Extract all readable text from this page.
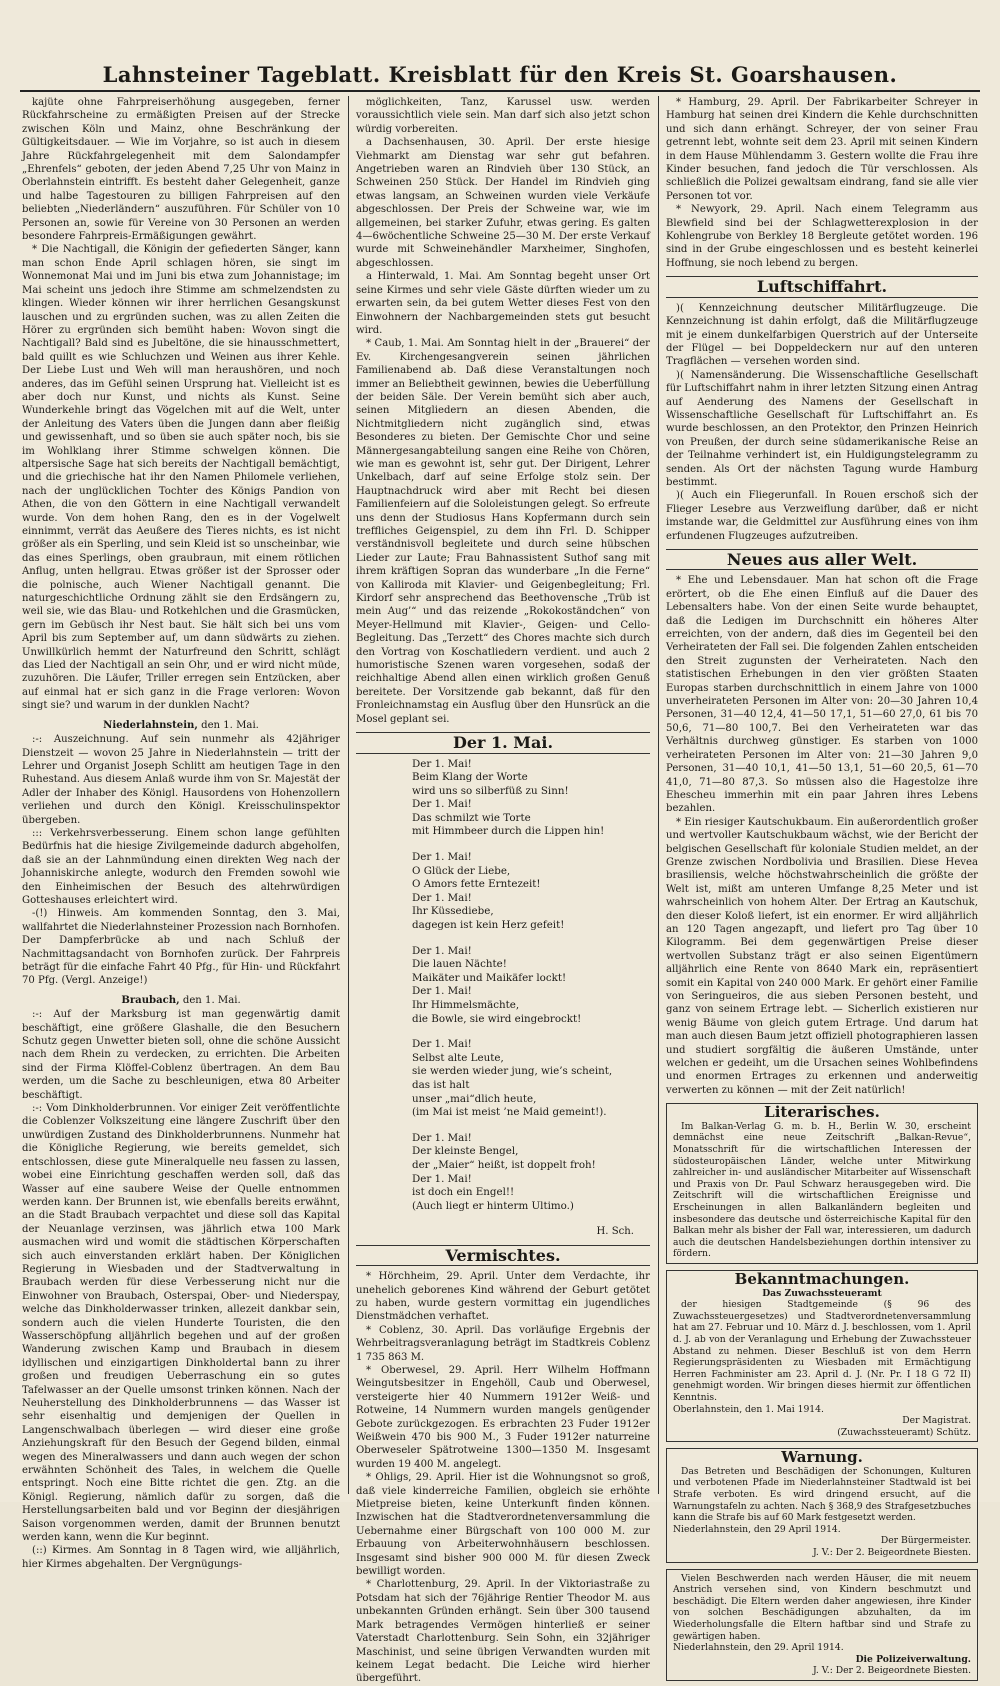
Lahnsteiner Tageblatt. Kreisblatt für den Kreis St. Goarshausen.

kajüte ohne Fahrpreiserhöhung ausgegeben, ferner Rückfahrscheine zu ermäßigten Preisen auf der Strecke zwischen Köln und Mainz, ohne Beschränkung der Gültigkeitsdauer. — Wie im Vorjahre, so ist auch in diesem Jahre Rückfahrgelegenheit mit dem Salondampfer „Ehrenfels“ geboten, der jeden Abend 7,25 Uhr von Mainz in Oberlahnstein eintrifft. Es besteht daher Gelegenheit, ganze und halbe Tagestouren zu billigen Fahrpreisen auf den beliebten „Niederländern“ auszuführen. Für Schüler von 10 Personen an, sowie für Vereine von 30 Personen an werden besondere Fahrpreis-Ermäßigungen gewährt.

* Die Nachtigall, die Königin der gefiederten Sänger, kann man schon Ende April schlagen hören, sie singt im Wonnemonat Mai und im Juni bis etwa zum Johannistage; im Mai scheint uns jedoch ihre Stimme am schmelzendsten zu klingen. Wieder können wir ihrer herrlichen Gesangskunst lauschen und zu ergründen suchen, was zu allen Zeiten die Hörer zu ergründen sich bemüht haben: Wovon singt die Nachtigall? Bald sind es Jubeltöne, die sie hinausschmettert, bald quillt es wie Schluchzen und Weinen aus ihrer Kehle. Der Liebe Lust und Weh will man heraushören, und noch anderes, das im Gefühl seinen Ursprung hat. Vielleicht ist es aber doch nur Kunst, und nichts als Kunst. Seine Wunderkehle bringt das Vögelchen mit auf die Welt, unter der Anleitung des Vaters üben die Jungen dann aber fleißig und gewissenhaft, und so üben sie auch später noch, bis sie im Wohlklang ihrer Stimme schwelgen können. Die altpersische Sage hat sich bereits der Nachtigall bemächtigt, und die griechische hat ihr den Namen Philomele verliehen, nach der unglücklichen Tochter des Königs Pandion von Athen, die von den Göttern in eine Nachtigall verwandelt wurde. Von dem hohen Rang, den es in der Vogelwelt einnimmt, verrät das Aeußere des Tieres nichts, es ist nicht größer als ein Sperling, und sein Kleid ist so unscheinbar, wie das eines Sperlings, oben graubraun, mit einem rötlichen Anflug, unten hellgrau. Etwas größer ist der Sprosser oder die polnische, auch Wiener Nachtigall genannt. Die naturgeschichtliche Ordnung zählt sie den Erdsängern zu, weil sie, wie das Blau- und Rotkehlchen und die Grasmücken, gern im Gebüsch ihr Nest baut. Sie hält sich bei uns vom April bis zum September auf, um dann südwärts zu ziehen. Unwillkürlich hemmt der Naturfreund den Schritt, schlägt das Lied der Nachtigall an sein Ohr, und er wird nicht müde, zuzuhören. Die Läufer, Triller erregen sein Entzücken, aber auf einmal hat er sich ganz in die Frage verloren: Wovon singt sie? und warum in der dunklen Nacht?

Niederlahnstein, den 1. Mai.

:-: Auszeichnung. Auf sein nunmehr als 42jähriger Dienstzeit — wovon 25 Jahre in Niederlahnstein — tritt der Lehrer und Organist Joseph Schlitt am heutigen Tage in den Ruhestand. Aus diesem Anlaß wurde ihm von Sr. Majestät der Adler der Inhaber des Königl. Hausordens von Hohenzollern verliehen und durch den Königl. Kreisschulinspektor übergeben.

::: Verkehrsverbesserung. Einem schon lange gefühlten Bedürfnis hat die hiesige Zivilgemeinde dadurch abgeholfen, daß sie an der Lahnmündung einen direkten Weg nach der Johanniskirche anlegte, wodurch den Fremden sowohl wie den Einheimischen der Besuch des altehrwürdigen Gotteshauses erleichtert wird.

-(!) Hinweis. Am kommenden Sonntag, den 3. Mai, wallfahrtet die Niederlahnsteiner Prozession nach Bornhofen. Der Dampferbrücke ab und nach Schluß der Nachmittagsandacht von Bornhofen zurück. Der Fahrpreis beträgt für die einfache Fahrt 40 Pfg., für Hin- und Rückfahrt 70 Pfg. (Vergl. Anzeige!)

Braubach, den 1. Mai.

:-: Auf der Marksburg ist man gegenwärtig damit beschäftigt, eine größere Glashalle, die den Besuchern Schutz gegen Unwetter bieten soll, ohne die schöne Aussicht nach dem Rhein zu verdecken, zu errichten. Die Arbeiten sind der Firma Klöffel-Coblenz übertragen. An dem Bau werden, um die Sache zu beschleunigen, etwa 80 Arbeiter beschäftigt.

:-: Vom Dinkholderbrunnen. Vor einiger Zeit veröffentlichte die Coblenzer Volkszeitung eine längere Zuschrift über den unwürdigen Zustand des Dinkholderbrunnens. Nunmehr hat die Königliche Regierung, wie bereits gemeldet, sich entschlossen, diese gute Mineralquelle neu fassen zu lassen, wobei eine Einrichtung geschaffen werden soll, daß das Wasser auf eine saubere Weise der Quelle entnommen werden kann. Der Brunnen ist, wie ebenfalls bereits erwähnt, an die Stadt Braubach verpachtet und diese soll das Kapital der Neuanlage verzinsen, was jährlich etwa 100 Mark ausmachen wird und womit die städtischen Körperschaften sich auch einverstanden erklärt haben. Der Königlichen Regierung in Wiesbaden und der Stadtverwaltung in Braubach werden für diese Verbesserung nicht nur die Einwohner von Braubach, Osterspai, Ober- und Niederspay, welche das Dinkholderwasser trinken, allezeit dankbar sein, sondern auch die vielen Hunderte Touristen, die den Wasserschöpfung alljährlich begehen und auf der großen Wanderung zwischen Kamp und Braubach in diesem idyllischen und einzigartigen Dinkholdertal bann zu ihrer großen und freudigen Ueberraschung ein so gutes Tafelwasser an der Quelle umsonst trinken können. Nach der Neuherstellung des Dinkholderbrunnens — das Wasser ist sehr eisenhaltig und demjenigen der Quellen in Langenschwalbach überlegen — wird dieser eine große Anziehungskraft für den Besuch der Gegend bilden, einmal wegen des Mineralwassers und dann auch wegen der schon erwähnten Schönheit des Tales, in welchem die Quelle entspringt. Noch eine Bitte richtet die gen. Ztg. an die Königl. Regierung, nämlich dafür zu sorgen, daß die Herstellungsarbeiten bald und vor Beginn der diesjährigen Saison vorgenommen werden, damit der Brunnen benutzt werden kann, wenn die Kur beginnt.

(::) Kirmes. Am Sonntag in 8 Tagen wird, wie alljährlich, hier Kirmes abgehalten. Der Vergnügungs-

möglichkeiten, Tanz, Karussel usw. werden voraussichtlich viele sein. Man darf sich also jetzt schon würdig vorbereiten.

a Dachsenhausen, 30. April. Der erste hiesige Viehmarkt am Dienstag war sehr gut befahren. Angetrieben waren an Rindvieh über 130 Stück, an Schweinen 250 Stück. Der Handel im Rindvieh ging etwas langsam, an Schweinen wurden viele Verkäufe abgeschlossen. Der Preis der Schweine war, wie im allgemeinen, bei starker Zufuhr, etwas gering. Es galten 4—6wöchentliche Schweine 25—30 M. Der erste Verkauf wurde mit Schweinehändler Marxheimer, Singhofen, abgeschlossen.

a Hinterwald, 1. Mai. Am Sonntag begeht unser Ort seine Kirmes und sehr viele Gäste dürften wieder um zu erwarten sein, da bei gutem Wetter dieses Fest von den Einwohnern der Nachbargemeinden stets gut besucht wird.

* Caub, 1. Mai. Am Sonntag hielt in der „Brauerei“ der Ev. Kirchengesangverein seinen jährlichen Familienabend ab. Daß diese Veranstaltungen noch immer an Beliebtheit gewinnen, bewies die Ueberfüllung der beiden Säle. Der Verein bemüht sich aber auch, seinen Mitgliedern an diesen Abenden, die Nichtmitgliedern nicht zugänglich sind, etwas Besonderes zu bieten. Der Gemischte Chor und seine Männergesangabteilung sangen eine Reihe von Chören, wie man es gewohnt ist, sehr gut. Der Dirigent, Lehrer Unkelbach, darf auf seine Erfolge stolz sein. Der Hauptnachdruck wird aber mit Recht bei diesen Familienfeiern auf die Sololeistungen gelegt. So erfreute uns denn der Studiosus Hans Kopfermann durch sein treffliches Geigenspiel, zu dem ihn Frl. D. Schipper verständnisvoll begleitete und durch seine hübschen Lieder zur Laute; Frau Bahnassistent Suthof sang mit ihrem kräftigen Sopran das wunderbare „In die Ferne“ von Kalliroda mit Klavier- und Geigenbegleitung; Frl. Kirdorf sehr ansprechend das Beethovensche „Trüb ist mein Aug’“ und das reizende „Rokokoständchen“ von Meyer-Hellmund mit Klavier-, Geigen- und Cello-Begleitung. Das „Terzett“ des Chores machte sich durch den Vortrag von Koschatliedern verdient. und auch 2 humoristische Szenen waren vorgesehen, sodaß der reichhaltige Abend allen einen wirklich großen Genuß bereitete. Der Vorsitzende gab bekannt, daß für den Fronleichnamstag ein Ausflug über den Hunsrück an die Mosel geplant sei.

Der 1. Mai.
Der 1. Mai!
Beim Klang der Worte
wird uns so silberfüß zu Sinn!
Der 1. Mai!
Das schmilzt wie Torte
mit Himmbeer durch die Lippen hin!
Der 1. Mai!
O Glück der Liebe,
O Amors fette Erntezeit!
Der 1. Mai!
Ihr Küssediebe,
dagegen ist kein Herz gefeit!
Der 1. Mai!
Die lauen Nächte!
Maikäter und Maikäfer lockt!
Der 1. Mai!
Ihr Himmelsmächte,
die Bowle, sie wird eingebrockt!
Der 1. Mai!
Selbst alte Leute,
sie werden wieder jung, wie’s scheint,
das ist halt
unser „mai“dlich heute,
(im Mai ist meist ’ne Maid gemeint!).
Der 1. Mai!
Der kleinste Bengel,
der „Maier“ heißt, ist doppelt froh!
Der 1. Mai!
ist doch ein Engel!!
(Auch liegt er hinterm Ultimo.)
H. Sch.
Vermischtes.

* Hörchheim, 29. April. Unter dem Verdachte, ihr unehelich geborenes Kind während der Geburt getötet zu haben, wurde gestern vormittag ein jugendliches Dienstmädchen verhaftet.

* Coblenz, 30. April. Das vorläufige Ergebnis der Wehrbeitragsveranlagung beträgt im Stadtkreis Coblenz 1 735 863 M.

* Oberwesel, 29. April. Herr Wilhelm Hoffmann Weingutsbesitzer in Engehöll, Caub und Oberwesel, versteigerte hier 40 Nummern 1912er Weiß- und Rotweine, 14 Nummern wurden mangels genügender Gebote zurückgezogen. Es erbrachten 23 Fuder 1912er Weißwein 470 bis 900 M., 3 Fuder 1912er naturreine Oberweseler Spätrotweine 1300—1350 M. Insgesamt wurden 19 400 M. angelegt.

* Ohligs, 29. April. Hier ist die Wohnungsnot so groß, daß viele kinderreiche Familien, obgleich sie erhöhte Mietpreise bieten, keine Unterkunft finden können. Inzwischen hat die Stadtverordnetenversammlung die Uebernahme einer Bürgschaft von 100 000 M. zur Erbauung von Arbeiterwohnhäusern beschlossen. Insgesamt sind bisher 900 000 M. für diesen Zweck bewilligt worden.

* Charlottenburg, 29. April. In der Viktoriastraße zu Potsdam hat sich der 76jährige Rentier Theodor M. aus unbekannten Gründen erhängt. Sein über 300 tausend Mark betragendes Vermögen hinterließ er seiner Vaterstadt Charlottenburg. Sein Sohn, ein 32jähriger Maschinist, und seine übrigen Verwandten wurden mit keinem Legat bedacht. Die Leiche wird hierher übergeführt.

* Hamburg, 29. April. Der Fabrikarbeiter Schreyer in Hamburg hat seinen drei Kindern die Kehle durchschnitten und sich dann erhängt. Schreyer, der von seiner Frau getrennt lebt, wohnte seit dem 23. April mit seinen Kindern in dem Hause Mühlendamm 3. Gestern wollte die Frau ihre Kinder besuchen, fand jedoch die Tür verschlossen. Als schließlich die Polizei gewaltsam eindrang, fand sie alle vier Personen tot vor.

* Newyork, 29. April. Nach einem Telegramm aus Blewfield sind bei der Schlagwetterexplosion in der Kohlengrube von Berkley 18 Bergleute getötet worden. 196 sind in der Grube eingeschlossen und es besteht keinerlei Hoffnung, sie noch lebend zu bergen.

Luftschiffahrt.

)( Kennzeichnung deutscher Militärflugzeuge. Die Kennzeichnung ist dahin erfolgt, daß die Militärflugzeuge mit je einem dunkelfarbigen Querstrich auf der Unterseite der Flügel — bei Doppeldeckern nur auf den unteren Tragflächen — versehen worden sind.

)( Namensänderung. Die Wissenschaftliche Gesellschaft für Luftschiffahrt nahm in ihrer letzten Sitzung einen Antrag auf Aenderung des Namens der Gesellschaft in Wissenschaftliche Gesellschaft für Luftschiffahrt an. Es wurde beschlossen, an den Protektor, den Prinzen Heinrich von Preußen, der durch seine südamerikanische Reise an der Teilnahme verhindert ist, ein Huldigungstelegramm zu senden. Als Ort der nächsten Tagung wurde Hamburg bestimmt.

)( Auch ein Fliegerunfall. In Rouen erschoß sich der Flieger Lesebre aus Verzweiflung darüber, daß er nicht imstande war, die Geldmittel zur Ausführung eines von ihm erfundenen Flugzeuges aufzutreiben.

Neues aus aller Welt.

* Ehe und Lebensdauer. Man hat schon oft die Frage erörtert, ob die Ehe einen Einfluß auf die Dauer des Lebensalters habe. Von der einen Seite wurde behauptet, daß die Ledigen im Durchschnitt ein höheres Alter erreichten, von der andern, daß dies im Gegenteil bei den Verheirateten der Fall sei. Die folgenden Zahlen entscheiden den Streit zugunsten der Verheirateten. Nach den statistischen Erhebungen in den vier größten Staaten Europas starben durchschnittlich in einem Jahre von 1000 unverheirateten Personen im Alter von: 20—30 Jahren 10,4 Personen, 31—40 12,4, 41—50 17,1, 51—60 27,0, 61 bis 70 50,6, 71—80 100,7. Bei den Verheirateten war das Verhältnis durchweg günstiger. Es starben von 1000 verheirateten Personen im Alter von: 21—30 Jahren 9,0 Personen, 31—40 10,1, 41—50 13,1, 51—60 20,5, 61—70 41,0, 71—80 87,3. So müssen also die Hagestolze ihre Ehescheu immerhin mit ein paar Jahren ihres Lebens bezahlen.

* Ein riesiger Kautschukbaum. Ein außerordentlich großer und wertvoller Kautschukbaum wächst, wie der Bericht der belgischen Gesellschaft für koloniale Studien meldet, an der Grenze zwischen Nordbolivia und Brasilien. Diese Hevea brasiliensis, welche höchstwahrscheinlich die größte der Welt ist, mißt am unteren Umfange 8,25 Meter und ist wahrscheinlich von hohem Alter. Der Ertrag an Kautschuk, den dieser Koloß liefert, ist ein enormer. Er wird alljährlich an 120 Tagen angezapft, und liefert pro Tag über 10 Kilogramm. Bei dem gegenwärtigen Preise dieser wertvollen Substanz trägt er also seinen Eigentümern alljährlich eine Rente von 8640 Mark ein, repräsentiert somit ein Kapital von 240 000 Mark. Er gehört einer Familie von Seringueiros, die aus sieben Personen besteht, und ganz von seinem Ertrage lebt. — Sicherlich existieren nur wenig Bäume von gleich gutem Ertrage. Und darum hat man auch diesen Baum jetzt offiziell photographieren lassen und studiert sorgfältig die äußeren Umstände, unter welchen er gedeiht, um die Ursachen seines Wohlbefindens und enormen Ertrages zu erkennen und anderweitig verwerten zu können — mit der Zeit natürlich!

Literarisches.

Im Balkan-Verlag G. m. b. H., Berlin W. 30, erscheint demnächst eine neue Zeitschrift „Balkan-Revue“, Monatsschrift für die wirtschaftlichen Interessen der südosteuropäischen Länder, welche unter Mitwirkung zahlreicher in- und ausländischer Mitarbeiter auf Wissenschaft und Praxis von Dr. Paul Schwarz herausgegeben wird. Die Zeitschrift will die wirtschaftlichen Ereignisse und Erscheinungen in allen Balkanländern begleiten und insbesondere das deutsche und österreichische Kapital für den Balkan mehr als bisher der Fall war, interessieren, um dadurch auch die deutschen Handelsbeziehungen dorthin intensiver zu fördern.

Bekanntmachungen.
Das Zuwachssteueramt

der hiesigen Stadtgemeinde (§ 96 des Zuwachssteuergesetzes) und Stadtverordnetenversammlung hat am 27. Februar und 10. März d. J. beschlossen, vom 1. April d. J. ab von der Veranlagung und Erhebung der Zuwachssteuer Abstand zu nehmen. Dieser Beschluß ist von dem Herrn Regierungspräsidenten zu Wiesbaden mit Ermächtigung Herren Fachminister am 23. April d. J. (Nr. Pr. I 18 G 72 II) genehmigt worden. Wir bringen dieses hiermit zur öffentlichen Kenntnis.

Oberlahnstein, den 1. Mai 1914.
Der Magistrat.
(Zuwachssteueramt) Schütz.
Warnung.

Das Betreten und Beschädigen der Schonungen, Kulturen und verbotenen Pfade im Niederlahnsteiner Stadtwald ist bei Strafe verboten. Es wird dringend ersucht, auf die Warnungstafeln zu achten. Nach § 368,9 des Strafgesetzbuches kann die Strafe bis auf 60 Mark festgesetzt werden.

Niederlahnstein, den 29 April 1914.
Der Bürgermeister.
J. V.: Der 2. Beigeordnete Biesten.

Vielen Beschwerden nach werden Häuser, die mit neuem Anstrich versehen sind, von Kindern beschmutzt und beschädigt. Die Eltern werden daher angewiesen, ihre Kinder von solchen Beschädigungen abzuhalten, da im Wiederholungsfalle die Eltern haftbar sind und Strafe zu gewärtigen haben.

Niederlahnstein, den 29. April 1914.
Die Polizeiverwaltung.
J. V.: Der 2. Beigeordnete Biesten.
